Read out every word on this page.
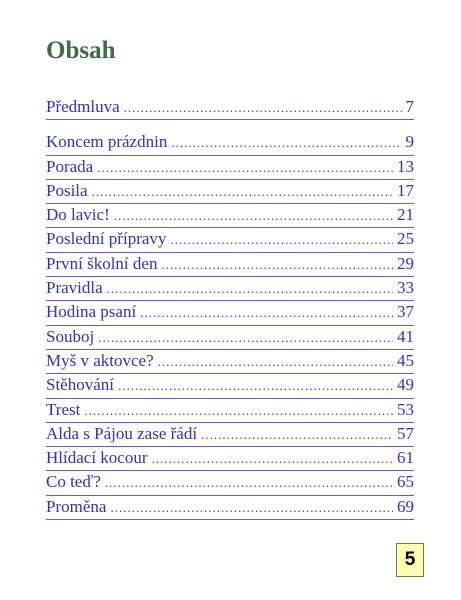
Obsah
Předmluva .....	7
Koncem prázdnin .....	9
Porada .....	13
Posila .....	17
Do lavic! .....	21
Poslední přípravy .....	25
První školní den .....	29
Pravidla .....	33
Hodina psaní .....	37
Souboj .....	41
Myš v aktovce? .....	45
Stěhování .....	49
Trest .....	53
Alda s Pájou zase řádí .....	57
Hlídací kocour .....	61
Co teď? .....	65
Proměna .....	69
5
